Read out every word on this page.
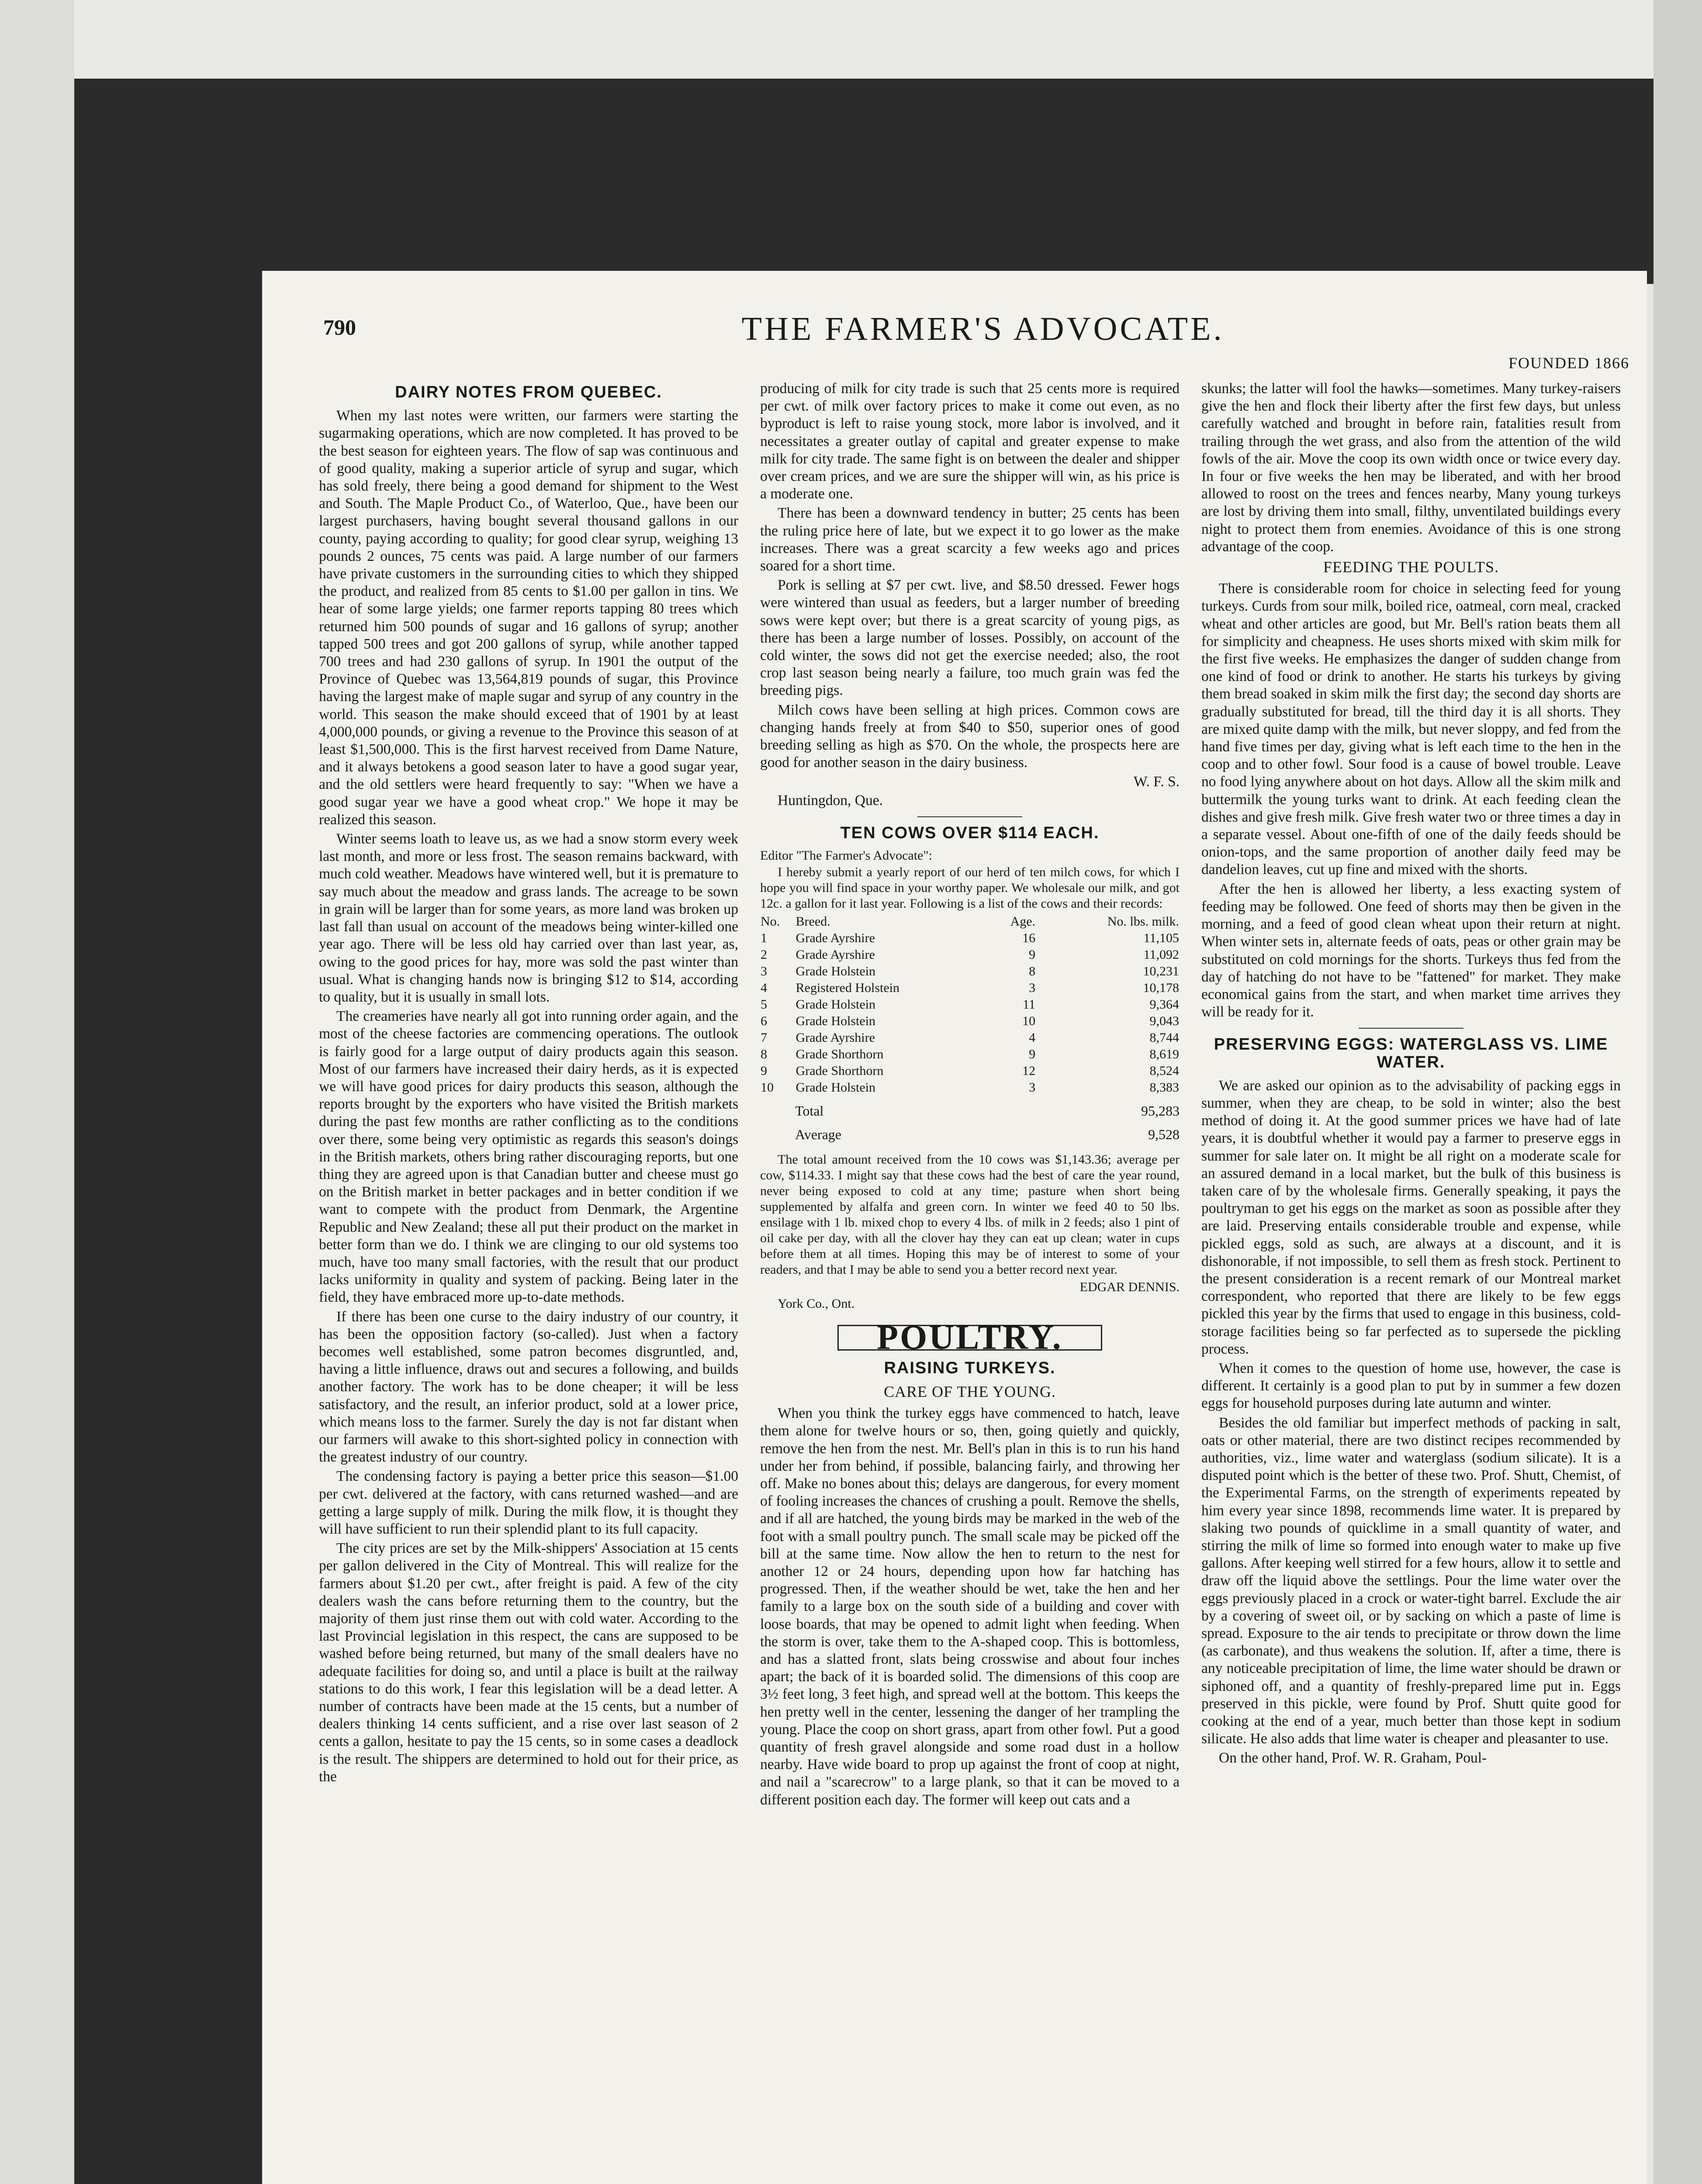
790	THE FARMER'S ADVOCATE.
FOUNDED 1866
DAIRY NOTES FROM QUEBEC.

When my last notes were written, our farmers were starting the sugarmaking operations, which are now completed. It has proved to be the best season for eighteen years. The flow of sap was continuous and of good quality, making a superior article of syrup and sugar, which has sold freely, there being a good demand for shipment to the West and South. The Maple Product Co., of Waterloo, Que., have been our largest purchasers, having bought several thousand gallons in our county, paying according to quality; for good clear syrup, weighing 13 pounds 2 ounces, 75 cents was paid. A large number of our farmers have private customers in the surrounding cities to which they shipped the product, and realized from 85 cents to $1.00 per gallon in tins. We hear of some large yields; one farmer reports tapping 80 trees which returned him 500 pounds of sugar and 16 gallons of syrup; another tapped 500 trees and got 200 gallons of syrup, while another tapped 700 trees and had 230 gallons of syrup. In 1901 the output of the Province of Quebec was 13,564,819 pounds of sugar, this Province having the largest make of maple sugar and syrup of any country in the world. This season the make should exceed that of 1901 by at least 4,000,000 pounds, or giving a revenue to the Province this season of at least $1,500,000. This is the first harvest received from Dame Nature, and it always betokens a good season later to have a good sugar year, and the old settlers were heard frequently to say: "When we have a good sugar year we have a good wheat crop." We hope it may be realized this season.

Winter seems loath to leave us, as we had a snow storm every week last month, and more or less frost. The season remains backward, with much cold weather. Meadows have wintered well, but it is premature to say much about the meadow and grass lands. The acreage to be sown in grain will be larger than for some years, as more land was broken up last fall than usual on account of the meadows being winter-killed one year ago. There will be less old hay carried over than last year, as, owing to the good prices for hay, more was sold the past winter than usual. What is changing hands now is bringing $12 to $14, according to quality, but it is usually in small lots.

The creameries have nearly all got into running order again, and the most of the cheese factories are commencing operations. The outlook is fairly good for a large output of dairy products again this season. Most of our farmers have increased their dairy herds, as it is expected we will have good prices for dairy products this season, although the reports brought by the exporters who have visited the British markets during the past few months are rather conflicting as to the conditions over there, some being very optimistic as regards this season's doings in the British markets, others bring rather discouraging reports, but one thing they are agreed upon is that Canadian butter and cheese must go on the British market in better packages and in better condition if we want to compete with the product from Denmark, the Argentine Republic and New Zealand; these all put their product on the market in better form than we do. I think we are clinging to our old systems too much, have too many small factories, with the result that our product lacks uniformity in quality and system of packing. Being later in the field, they have embraced more up-to-date methods.

If there has been one curse to the dairy industry of our country, it has been the opposition factory (so-called). Just when a factory becomes well established, some patron becomes disgruntled, and, having a little influence, draws out and secures a following, and builds another factory. The work has to be done cheaper; it will be less satisfactory, and the result, an inferior product, sold at a lower price, which means loss to the farmer. Surely the day is not far distant when our farmers will awake to this short-sighted policy in connection with the greatest industry of our country.

The condensing factory is paying a better price this season—$1.00 per cwt. delivered at the factory, with cans returned washed—and are getting a large supply of milk. During the milk flow, it is thought they will have sufficient to run their splendid plant to its full capacity.

The city prices are set by the Milk-shippers' Association at 15 cents per gallon delivered in the City of Montreal. This will realize for the farmers about $1.20 per cwt., after freight is paid. A few of the city dealers wash the cans before returning them to the country, but the majority of them just rinse them out with cold water. According to the last Provincial legislation in this respect, the cans are supposed to be washed before being returned, but many of the small dealers have no adequate facilities for doing so, and until a place is built at the railway stations to do this work, I fear this legislation will be a dead letter. A number of contracts have been made at the 15 cents, but a number of dealers thinking 14 cents sufficient, and a rise over last season of 2 cents a gallon, hesitate to pay the 15 cents, so in some cases a deadlock is the result. The shippers are determined to hold out for their price, as the

producing of milk for city trade is such that 25 cents more is required per cwt. of milk over factory prices to make it come out even, as no byproduct is left to raise young stock, more labor is involved, and it necessitates a greater outlay of capital and greater expense to make milk for city trade. The same fight is on between the dealer and shipper over cream prices, and we are sure the shipper will win, as his price is a moderate one.

There has been a downward tendency in butter; 25 cents has been the ruling price here of late, but we expect it to go lower as the make increases. There was a great scarcity a few weeks ago and prices soared for a short time.

Pork is selling at $7 per cwt. live, and $8.50 dressed. Fewer hogs were wintered than usual as feeders, but a larger number of breeding sows were kept over; but there is a great scarcity of young pigs, as there has been a large number of losses. Possibly, on account of the cold winter, the sows did not get the exercise needed; also, the root crop last season being nearly a failure, too much grain was fed the breeding pigs.

Milch cows have been selling at high prices. Common cows are changing hands freely at from $40 to $50, superior ones of good breeding selling as high as $70. On the whole, the prospects here are good for another season in the dairy business.

W. F. S.
Huntingdon, Que.
TEN COWS OVER $114 EACH.
Editor "The Farmer's Advocate":

I hereby submit a yearly report of our herd of ten milch cows, for which I hope you will find space in your worthy paper. We wholesale our milk, and got 12c. a gallon for it last year. Following is a list of the cows and their records:

No.	Breed.	Age.	No. lbs. milk.
1	Grade Ayrshire	16	11,105
2	Grade Ayrshire	9	11,092
3	Grade Holstein	8	10,231
4	Registered Holstein	3	10,178
5	Grade Holstein	11	9,364
6	Grade Holstein	10	9,043
7	Grade Ayrshire	4	8,744
8	Grade Shorthorn	9	8,619
9	Grade Shorthorn	12	8,524
10	Grade Holstein	3	8,383
Total	95,283
Average	9,528

The total amount received from the 10 cows was $1,143.36; average per cow, $114.33. I might say that these cows had the best of care the year round, never being exposed to cold at any time; pasture when short being supplemented by alfalfa and green corn. In winter we feed 40 to 50 lbs. ensilage with 1 lb. mixed chop to every 4 lbs. of milk in 2 feeds; also 1 pint of oil cake per day, with all the clover hay they can eat up clean; water in cups before them at all times. Hoping this may be of interest to some of your readers, and that I may be able to send you a better record next year.

EDGAR DENNIS.
York Co., Ont.
POULTRY.
RAISING TURKEYS.
CARE OF THE YOUNG.

When you think the turkey eggs have commenced to hatch, leave them alone for twelve hours or so, then, going quietly and quickly, remove the hen from the nest. Mr. Bell's plan in this is to run his hand under her from behind, if possible, balancing fairly, and throwing her off. Make no bones about this; delays are dangerous, for every moment of fooling increases the chances of crushing a poult. Remove the shells, and if all are hatched, the young birds may be marked in the web of the foot with a small poultry punch. The small scale may be picked off the bill at the same time. Now allow the hen to return to the nest for another 12 or 24 hours, depending upon how far hatching has progressed. Then, if the weather should be wet, take the hen and her family to a large box on the south side of a building and cover with loose boards, that may be opened to admit light when feeding. When the storm is over, take them to the A-shaped coop. This is bottomless, and has a slatted front, slats being crosswise and about four inches apart; the back of it is boarded solid. The dimensions of this coop are 3½ feet long, 3 feet high, and spread well at the bottom. This keeps the hen pretty well in the center, lessening the danger of her trampling the young. Place the coop on short grass, apart from other fowl. Put a good quantity of fresh gravel alongside and some road dust in a hollow nearby. Have wide board to prop up against the front of coop at night, and nail a "scarecrow" to a large plank, so that it can be moved to a different position each day. The former will keep out cats and a

skunks; the latter will fool the hawks—sometimes. Many turkey-raisers give the hen and flock their liberty after the first few days, but unless carefully watched and brought in before rain, fatalities result from trailing through the wet grass, and also from the attention of the wild fowls of the air. Move the coop its own width once or twice every day. In four or five weeks the hen may be liberated, and with her brood allowed to roost on the trees and fences nearby, Many young turkeys are lost by driving them into small, filthy, unventilated buildings every night to protect them from enemies. Avoidance of this is one strong advantage of the coop.

FEEDING THE POULTS.

There is considerable room for choice in selecting feed for young turkeys. Curds from sour milk, boiled rice, oatmeal, corn meal, cracked wheat and other articles are good, but Mr. Bell's ration beats them all for simplicity and cheapness. He uses shorts mixed with skim milk for the first five weeks. He emphasizes the danger of sudden change from one kind of food or drink to another. He starts his turkeys by giving them bread soaked in skim milk the first day; the second day shorts are gradually substituted for bread, till the third day it is all shorts. They are mixed quite damp with the milk, but never sloppy, and fed from the hand five times per day, giving what is left each time to the hen in the coop and to other fowl. Sour food is a cause of bowel trouble. Leave no food lying anywhere about on hot days. Allow all the skim milk and buttermilk the young turks want to drink. At each feeding clean the dishes and give fresh milk. Give fresh water two or three times a day in a separate vessel. About one-fifth of one of the daily feeds should be onion-tops, and the same proportion of another daily feed may be dandelion leaves, cut up fine and mixed with the shorts.

After the hen is allowed her liberty, a less exacting system of feeding may be followed. One feed of shorts may then be given in the morning, and a feed of good clean wheat upon their return at night. When winter sets in, alternate feeds of oats, peas or other grain may be substituted on cold mornings for the shorts. Turkeys thus fed from the day of hatching do not have to be "fattened" for market. They make economical gains from the start, and when market time arrives they will be ready for it.

PRESERVING EGGS: WATERGLASS VS. LIME WATER.

We are asked our opinion as to the advisability of packing eggs in summer, when they are cheap, to be sold in winter; also the best method of doing it. At the good summer prices we have had of late years, it is doubtful whether it would pay a farmer to preserve eggs in summer for sale later on. It might be all right on a moderate scale for an assured demand in a local market, but the bulk of this business is taken care of by the wholesale firms. Generally speaking, it pays the poultryman to get his eggs on the market as soon as possible after they are laid. Preserving entails considerable trouble and expense, while pickled eggs, sold as such, are always at a discount, and it is dishonorable, if not impossible, to sell them as fresh stock. Pertinent to the present consideration is a recent remark of our Montreal market correspondent, who reported that there are likely to be few eggs pickled this year by the firms that used to engage in this business, cold-storage facilities being so far perfected as to supersede the pickling process.

When it comes to the question of home use, however, the case is different. It certainly is a good plan to put by in summer a few dozen eggs for household purposes during late autumn and winter.

Besides the old familiar but imperfect methods of packing in salt, oats or other material, there are two distinct recipes recommended by authorities, viz., lime water and waterglass (sodium silicate). It is a disputed point which is the better of these two. Prof. Shutt, Chemist, of the Experimental Farms, on the strength of experiments repeated by him every year since 1898, recommends lime water. It is prepared by slaking two pounds of quicklime in a small quantity of water, and stirring the milk of lime so formed into enough water to make up five gallons. After keeping well stirred for a few hours, allow it to settle and draw off the liquid above the settlings. Pour the lime water over the eggs previously placed in a crock or water-tight barrel. Exclude the air by a covering of sweet oil, or by sacking on which a paste of lime is spread. Exposure to the air tends to precipitate or throw down the lime (as carbonate), and thus weakens the solution. If, after a time, there is any noticeable precipitation of lime, the lime water should be drawn or siphoned off, and a quantity of freshly-prepared lime put in. Eggs preserved in this pickle, were found by Prof. Shutt quite good for cooking at the end of a year, much better than those kept in sodium silicate. He also adds that lime water is cheaper and pleasanter to use.

On the other hand, Prof. W. R. Graham, Poul-
